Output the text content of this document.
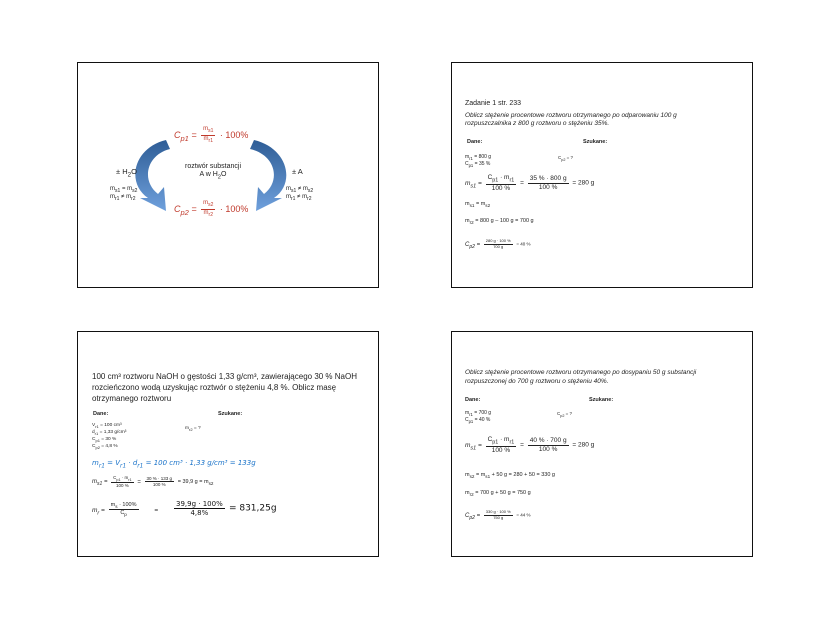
$C_{p1} = \frac{m_{s1}}{m_{r1}} \cdot 100\%$
roztwór substancji
A w $H_2O$
± $H_2O$
$m_{s1} = m_{s2}$
$m_{r1} \ne m_{r2}$
± A
$m_{s1} \ne m_{s2}$
$m_{r1} \ne m_{r2}$
$C_{p2} = \frac{m_{s2}}{m_{r2}} \cdot 100\%$
Zadanie 1 str. 233
Oblicz stężenie procentowe roztworu otrzymanego po odparowaniu 100 g
rozpuszczalnika z 800 g roztworu o stężeniu 35%.
Dane:	Szukane:
$m_{r1} = 800$ g
$C_{p1} = 35$ %
$C_{p2}$ = ?
$m_{s1} = \frac{C_{p1} \cdot m_{r1}}{100 \%} = \frac{35 \% \cdot 800 g}{100 \%} = 280$ g
$m_{s1} = m_{s2}$
$m_{r2} = 800$ g – 100 g = 700 g
$C_{p2} = \frac{280 g \cdot 100 \%}{700 g} = 40$ %
100 cm³ roztworu NaOH o gęstości 1,33 g/cm³, zawierającego 30 % NaOH
rozcieńczono wodą uzyskując roztwór o stężeniu 4,8 %. Oblicz masę
otrzymanego roztworu
Dane:	Szukane:
$V_{r1} = 100$ cm³
$d_{r1} = 1,33$ g/cm³
$C_{p1} = 30$ %
$C_{p2} = 4,8$ %
$m_{r2}$ = ?
$m_{r1} = V_{r1} \cdot d_{r1} = 100$ cm³ · 1,33 g/cm³ = 133g
$m_{s1} = \frac{C_{p1} \cdot m_{r1}}{100 \%} = \frac{30 \% \cdot 133 g}{100 \%} = 39,9$ $g = m_{s2}$
$m_r = \frac{m_s \cdot 100\%}{C_p} = \frac{39,9g \cdot 100\%}{4,8\%} = 831,25g$
Oblicz stężenie procentowe roztworu otrzymanego po dosypaniu 50 g substancji
rozpuszczonej do 700 g roztworu o stężeniu 40%.
Dane:	Szukane:
$m_{r1} = 700$ g
$C_{p1} = 40$ %
$C_{p2}$ = ?
$m_{s1} = \frac{C_{p1} \cdot m_{r1}}{100 \%} = \frac{40 \% \cdot 700 g}{100 \%} = 280$ g
$m_{s2} = m_{s1} + 50$ g = 280 + 50 = 330 g
$m_{r2} = 700$ g + 50 g = 750 g
$C_{p2} = \frac{330 g \cdot 100 \%}{750 g} = 44$ %
